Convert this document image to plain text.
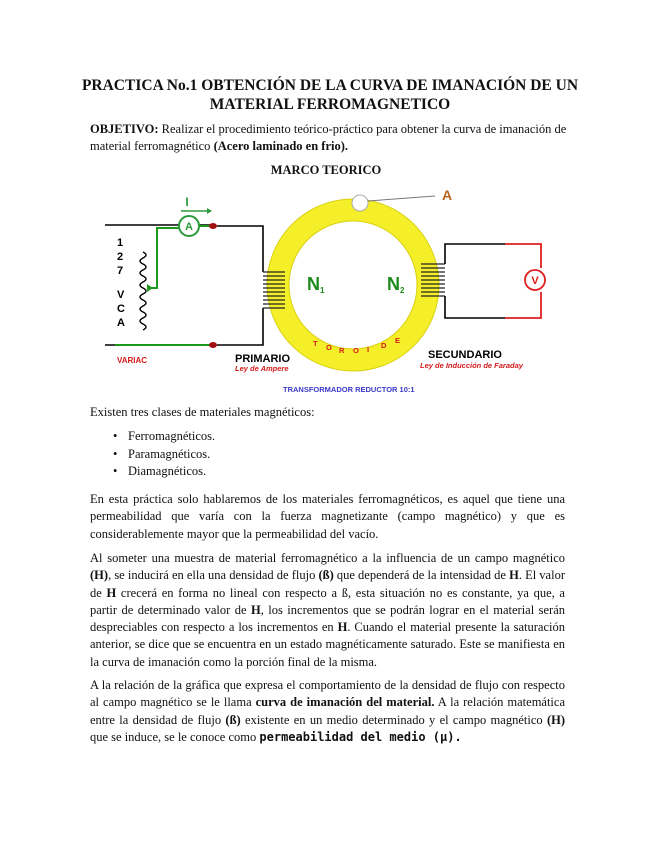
PRACTICA No.1 OBTENCIÓN DE LA CURVA DE IMANACIÓN DE UN MATERIAL FERROMAGNETICO

OBJETIVO: Realizar el procedimiento teórico-práctico para obtener la curva de imanación de material ferromagnético (Acero laminado en frio).

MARCO TEORICO

A
I	A
N1	N2
V
1
2
7
V
C
A
VARIAC
T O R O I D
E
PRIMARIO
Ley de Ampere
SECUNDARIO
Ley de Inducción de Faraday
TRANSFORMADOR REDUCTOR 10:1

Existen tres clases de materiales magnéticos:

• Ferromagnéticos.
• Paramagnéticos.
• Diamagnéticos.

En esta práctica solo hablaremos de los materiales ferromagnéticos, es aquel que tiene una permeabilidad que varía con la fuerza magnetizante (campo magnético) y que es considerablemente mayor que la permeabilidad del vacío.

Al someter una muestra de material ferromagnético a la influencia de un campo magnético (H), se inducirá en ella una densidad de flujo (ß) que dependerá de la intensidad de H. El valor de H crecerá en forma no lineal con respecto a ß, esta situación no es constante, ya que, a partir de determinado valor de H, los incrementos que se podrán lograr en el material serán despreciables con respecto a los incrementos en H. Cuando el material presente la saturación anterior, se dice que se encuentra en un estado magnéticamente saturado. Este se manifiesta en la curva de imanación como la porción final de la misma.

A la relación de la gráfica que expresa el comportamiento de la densidad de flujo con respecto al campo magnético se le llama curva de imanación del material. A la relación matemática entre la densidad de flujo (ß) existente en un medio determinado y el campo magnético (H) que se induce, se le conoce como permeabilidad del medio (µ).
